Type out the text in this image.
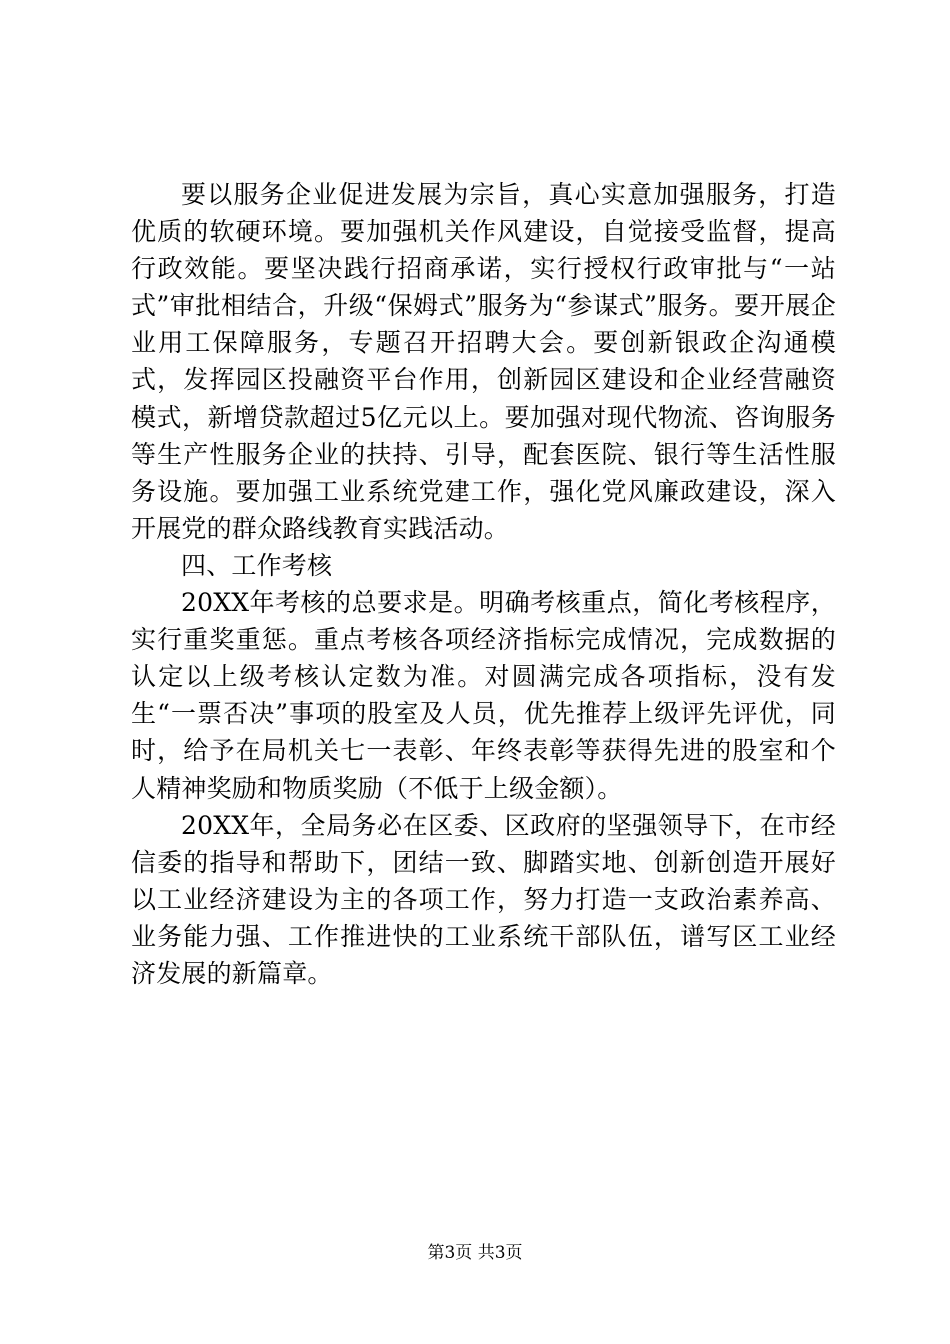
要以服务企业促进发展为宗旨，真心实意加强服务，打造优质的软硬环境。要加强机关作风建设，自觉接受监督，提高行政效能。要坚决践行招商承诺，实行授权行政审批与“一站式”审批相结合，升级“保姆式”服务为“参谋式”服务。要开展企业用工保障服务，专题召开招聘大会。要创新银政企沟通模式，发挥园区投融资平台作用，创新园区建设和企业经营融资模式，新增贷款超过5亿元以上。要加强对现代物流、咨询服务等生产性服务企业的扶持、引导，配套医院、银行等生活性服务设施。要加强工业系统党建工作，强化党风廉政建设，深入开展党的群众路线教育实践活动。

四、工作考核

20XX年考核的总要求是。明确考核重点，简化考核程序，实行重奖重惩。重点考核各项经济指标完成情况，完成数据的认定以上级考核认定数为准。对圆满完成各项指标，没有发生“一票否决”事项的股室及人员，优先推荐上级评先评优，同时，给予在局机关七一表彰、年终表彰等获得先进的股室和个人精神奖励和物质奖励（不低于上级金额）。

20XX年，全局务必在区委、区政府的坚强领导下，在市经信委的指导和帮助下，团结一致、脚踏实地、创新创造开展好以工业经济建设为主的各项工作，努力打造一支政治素养高、业务能力强、工作推进快的工业系统干部队伍，谱写区工业经济发展的新篇章。

第3页 共3页
